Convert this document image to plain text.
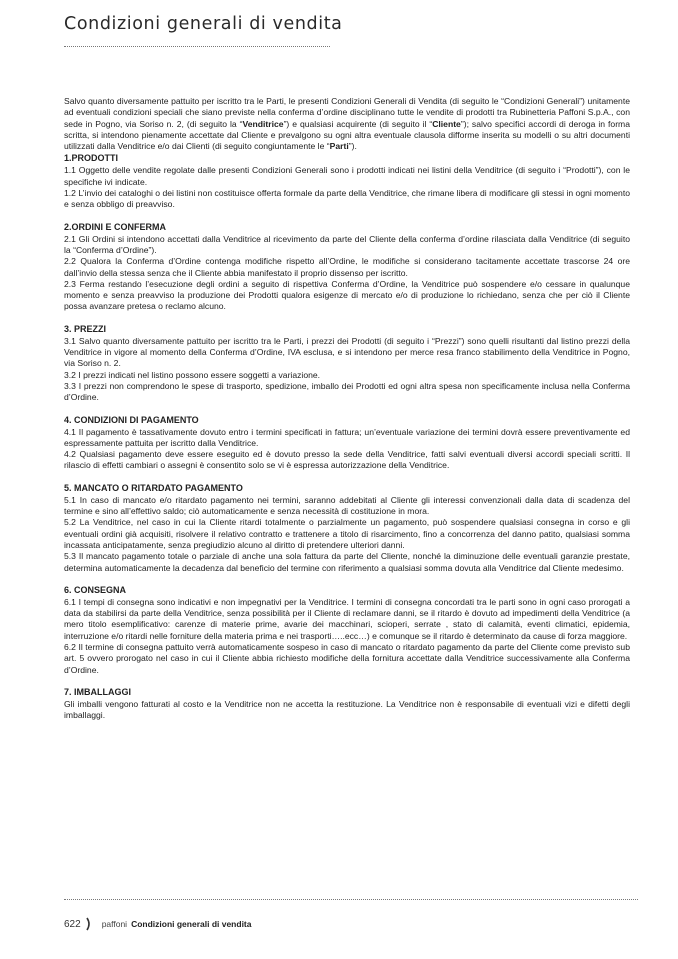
Condizioni generali di vendita

Salvo quanto diversamente pattuito per iscritto tra le Parti, le presenti Condizioni Generali di Vendita (di seguito le “Condizioni Generali”) unitamente ad eventuali condizioni speciali che siano previste nella conferma d’ordine disciplinano tutte le vendite di prodotti tra Rubinetteria Paffoni S.p.A., con sede in Pogno, via Soriso n. 2, (di seguito la “Venditrice”) e qualsiasi acquirente (di seguito il “Cliente”); salvo specifici accordi di deroga in forma scritta, si intendono pienamente accettate dal Cliente e prevalgono su ogni altra eventuale clausola difforme inserita su modelli o su altri documenti utilizzati dalla Venditrice e/o dai Clienti (di seguito congiuntamente le “Parti”).

1.PRODOTTI

1.1 Oggetto delle vendite regolate dalle presenti Condizioni Generali sono i prodotti indicati nei listini della Venditrice (di seguito i “Prodotti”), con le specifiche ivi indicate.

1.2 L’invio dei cataloghi o dei listini non costituisce offerta formale da parte della Venditrice, che rimane libera di modificare gli stessi in ogni momento e senza obbligo di preavviso.

2.ORDINI E CONFERMA

2.1 Gli Ordini si intendono accettati dalla Venditrice al ricevimento da parte del Cliente della conferma d’ordine rilasciata dalla Venditrice (di seguito la “Conferma d’Ordine”).

2.2 Qualora la Conferma d’Ordine contenga modifiche rispetto all’Ordine, le modifiche si considerano tacitamente accettate trascorse 24 ore dall’invio della stessa senza che il Cliente abbia manifestato il proprio dissenso per iscritto.

2.3 Ferma restando l’esecuzione degli ordini a seguito di rispettiva Conferma d’Ordine, la Venditrice può sospendere e/o cessare in qualunque momento e senza preavviso la produzione dei Prodotti qualora esigenze di mercato e/o di produzione lo richiedano, senza che per ciò il Cliente possa avanzare pretesa o reclamo alcuno.

3. PREZZI

3.1 Salvo quanto diversamente pattuito per iscritto tra le Parti, i prezzi dei Prodotti (di seguito i “Prezzi”) sono quelli risultanti dal listino prezzi della Venditrice in vigore al momento della Conferma d’Ordine, IVA esclusa, e si intendono per merce resa franco stabilimento della Venditrice in Pogno, via Soriso n. 2.

3.2 I prezzi indicati nel listino possono essere soggetti a variazione.

3.3 I prezzi non comprendono le spese di trasporto, spedizione, imballo dei Prodotti ed ogni altra spesa non specificamente inclusa nella Conferma d’Ordine.

4. CONDIZIONI DI PAGAMENTO

4.1 Il pagamento è tassativamente dovuto entro i termini specificati in fattura; un’eventuale variazione dei termini dovrà essere preventivamente ed espressamente pattuita per iscritto dalla Venditrice.

4.2 Qualsiasi pagamento deve essere eseguito ed è dovuto presso la sede della Venditrice, fatti salvi eventuali diversi accordi speciali scritti. Il rilascio di effetti cambiari o assegni è consentito solo se vi è espressa autorizzazione della Venditrice.

5. MANCATO O RITARDATO PAGAMENTO

5.1 In caso di mancato e/o ritardato pagamento nei termini, saranno addebitati al Cliente gli interessi convenzionali dalla data di scadenza del termine e sino all’effettivo saldo; ciò automaticamente e senza necessità di costituzione in mora.

5.2 La Venditrice, nel caso in cui la Cliente ritardi totalmente o parzialmente un pagamento, può sospendere qualsiasi consegna in corso e gli eventuali ordini già acquisiti, risolvere il relativo contratto e trattenere a titolo di risarcimento, fino a concorrenza del danno patito, qualsiasi somma incassata anticipatamente, senza pregiudizio alcuno al diritto di pretendere ulteriori danni.

5.3 Il mancato pagamento totale o parziale di anche una sola fattura da parte del Cliente, nonché la diminuzione delle eventuali garanzie prestate, determina automaticamente la decadenza dal beneficio del termine con riferimento a qualsiasi somma dovuta alla Venditrice dal Cliente medesimo.

6. CONSEGNA

6.1 I tempi di consegna sono indicativi e non impegnativi per la Venditrice. I termini di consegna concordati tra le parti sono in ogni caso prorogati a data da stabilirsi da parte della Venditrice, senza possibilità per il Cliente di reclamare danni, se il ritardo è dovuto ad impedimenti della Venditrice (a mero titolo esemplificativo: carenze di materie prime, avarie dei macchinari, scioperi, serrate , stato di calamità, eventi climatici, epidemia, interruzione e/o ritardi nelle forniture della materia prima e nei trasporti…..ecc…) e comunque se il ritardo è determinato da cause di forza maggiore.

6.2 Il termine di consegna pattuito verrà automaticamente sospeso in caso di mancato o ritardato pagamento da parte del Cliente come previsto sub art. 5 ovvero prorogato nel caso in cui il Cliente abbia richiesto modifiche della fornitura accettate dalla Venditrice successivamente alla Conferma d’Ordine.

7. IMBALLAGGI

Gli imballi vengono fatturati al costo e la Venditrice non ne accetta la restituzione. La Venditrice non è responsabile di eventuali vizi e difetti degli imballaggi.

622 paffoni Condizioni generali di vendita
